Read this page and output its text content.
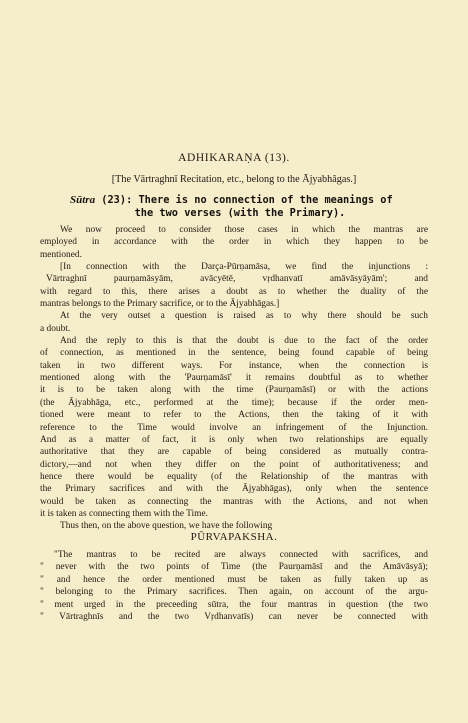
ADHIKARAṆA (13).
[The Vārtraghnī Recitation, etc., belong to the Ājyabhāgas.]
Sūtra (23): There is no connection of the meanings of
the two verses (with the Primary).
We now proceed to consider those cases in which the mantras are
employed in accordance with the order in which they happen to be
mentioned.
[In connection with the Darça-Pūrṇamāsa, we find the injunctions :
Vārtraghnī paurṇamāsyām, avācyētē, vṛdhanvatī amāvāsyāyām'; and
with regard to this, there arises a doubt as to whether the duality of the
mantras belongs to the Primary sacrifice, or to the Ājyabhāgas.]
At the very outset a question is raised as to why there should be such
a doubt.
And the reply to this is that the doubt is due to the fact of the order
of connection, as mentioned in the sentence, being found capable of being
taken in two different ways. For instance, when the connection is
mentioned along with the 'Paurṇamāsī' it remains doubtful as to whether
it is to be taken along with the time (Paurṇamāsī) or with the actions
(the Ājyabhāga, etc., performed at the time); because if the order men-
tioned were meant to refer to the Actions, then the taking of it with
reference to the Time would involve an infringement of the Injunction.
And as a matter of fact, it is only when two relationships are equally
authoritative that they are capable of being considered as mutually contra-
dictory,—and not when they differ on the point of authoritativeness; and
hence there would be equality (of the Relationship of the mantras with
the Primary sacrifices and with the Ājyabhāgas), only when the sentence
would be taken as connecting the mantras with the Actions, and not when
it is taken as connecting them with the Time.
Thus then, on the above question, we have the following
PŪRVAPAKSHA.
"The mantras to be recited are always connected with sacrifices, and
" never with the two points of Time (the Paurṇamāsī and the Amāvāsyā);
" and hence the order mentioned must be taken as fully taken up as
" belonging to the Primary sacrifices. Then again, on account of the argu-
" ment urged in the preceeding sūtra, the four mantras in question (the two
" Vārtraghnīs and the two Vṛdhanvatīs) can never be connected with
